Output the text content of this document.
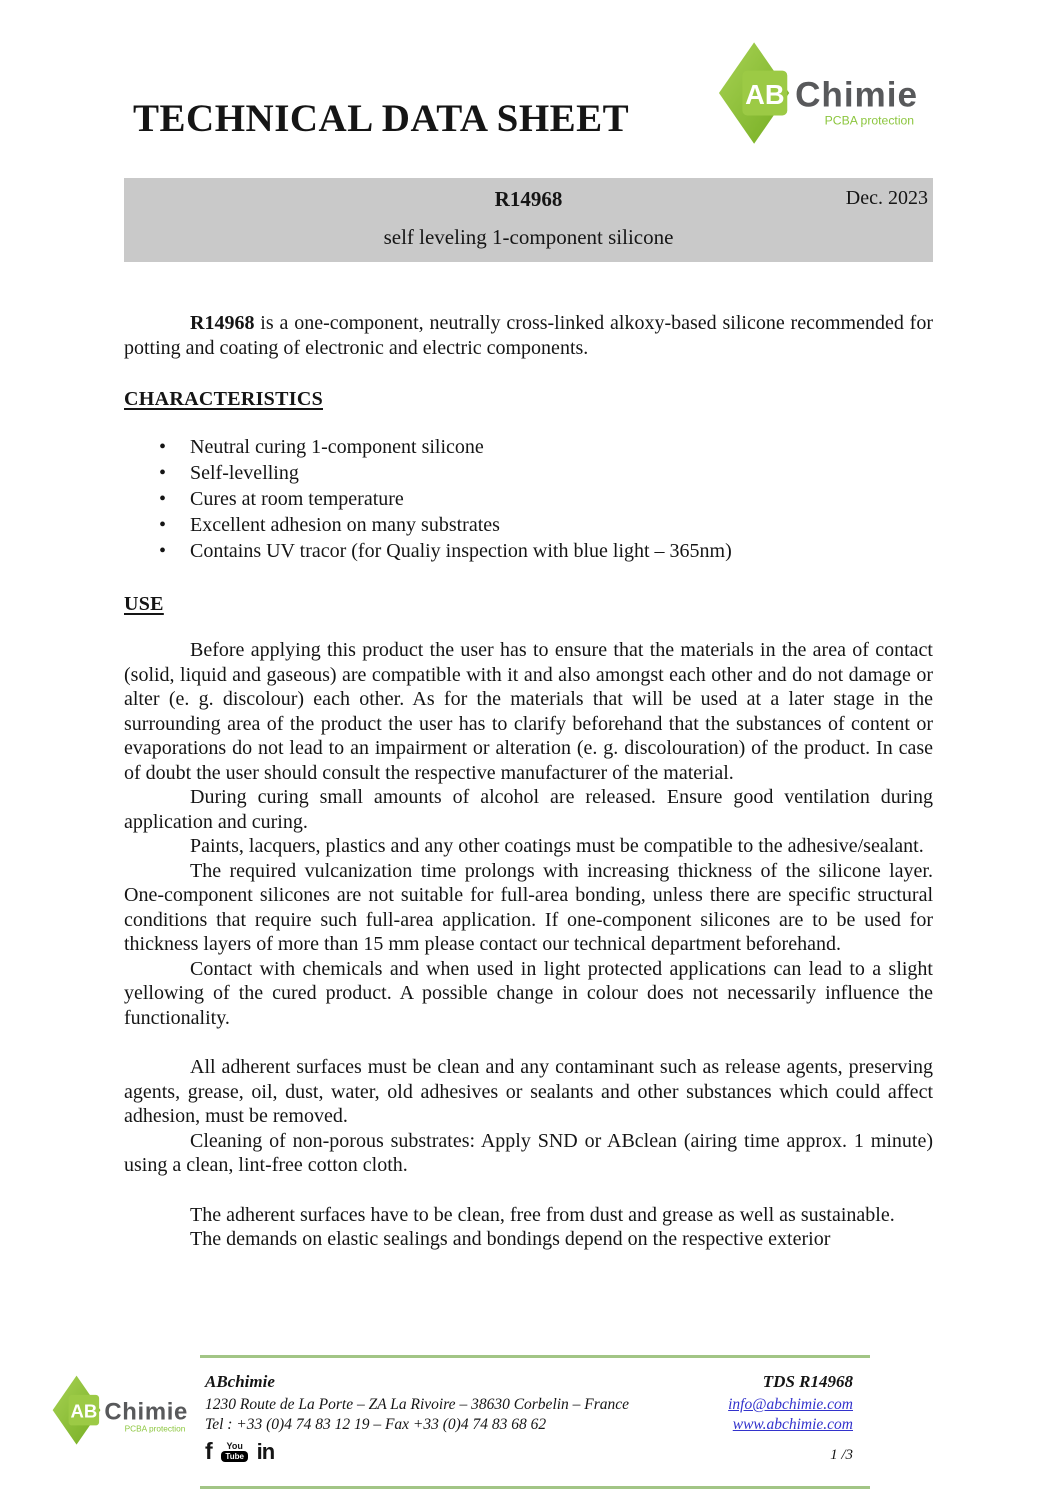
TECHNICAL DATA SHEET
AB Chimie
PCBA protection
R14968	Dec. 2023
self leveling 1-component silicone

R14968 is a one-component, neutrally cross-linked alkoxy-based silicone recommended for potting and coating of electronic and electric components.

CHARACTERISTICS
• Neutral curing 1-component silicone
• Self-levelling
• Cures at room temperature
• Excellent adhesion on many substrates
• Contains UV tracor (for Qualiy inspection with blue light – 365nm)
USE

Before applying this product the user has to ensure that the materials in the area of contact (solid, liquid and gaseous) are compatible with it and also amongst each other and do not damage or alter (e. g. discolour) each other. As for the materials that will be used at a later stage in the surrounding area of the product the user has to clarify beforehand that the substances of content or evaporations do not lead to an impairment or alteration (e. g. discolouration) of the product. In case of doubt the user should consult the respective manufacturer of the material.

During curing small amounts of alcohol are released. Ensure good ventilation during application and curing.

Paints, lacquers, plastics and any other coatings must be compatible to the adhesive/sealant.

The required vulcanization time prolongs with increasing thickness of the silicone layer. One-component silicones are not suitable for full-area bonding, unless there are specific structural conditions that require such full-area application. If one-component silicones are to be used for thickness layers of more than 15 mm please contact our technical department beforehand.

Contact with chemicals and when used in light protected applications can lead to a slight yellowing of the cured product. A possible change in colour does not necessarily influence the functionality.

All adherent surfaces must be clean and any contaminant such as release agents, preserving agents, grease, oil, dust, water, old adhesives or sealants and other substances which could affect adhesion, must be removed.

Cleaning of non-porous substrates: Apply SND or ABclean (airing time approx. 1 minute) using a clean, lint-free cotton cloth.

The adherent surfaces have to be clean, free from dust and grease as well as sustainable.

The demands on elastic sealings and bondings depend on the respective exterior

AB Chimie
PCBA protection
ABchimie
1230 Route de La Porte – ZA La Rivoire – 38630 Corbelin – France
Tel : +33 (0)4 74 83 12 19 – Fax +33 (0)4 74 83 68 62
f You
Tube in
TDS R14968
info@abchimie.com
www.abchimie.com
1 /3
